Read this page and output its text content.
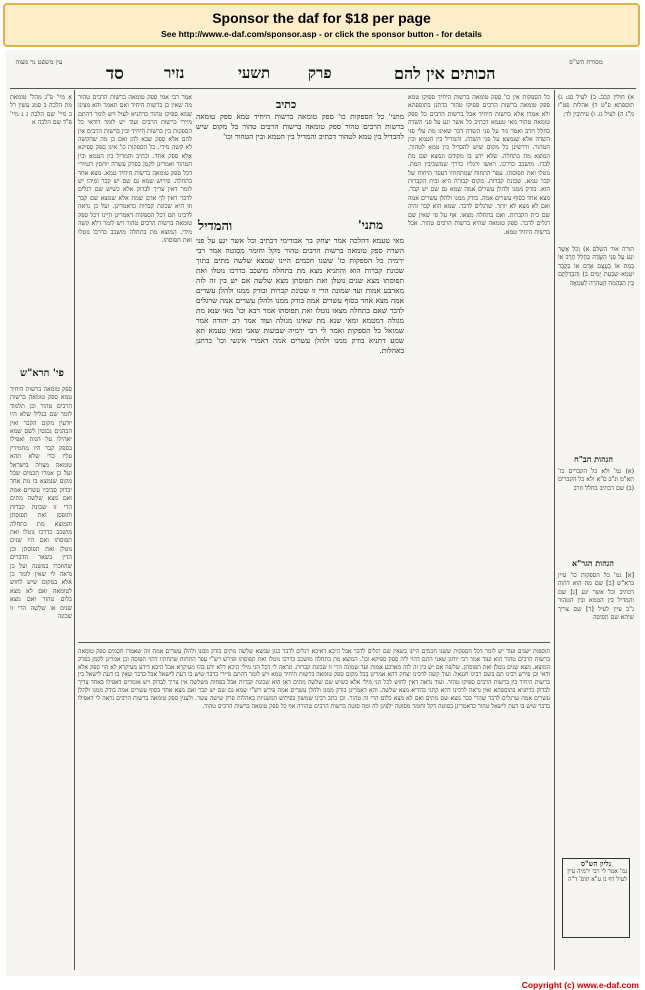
Sponsor the daf for $18 per page
See http://www.e-daf.com/sponsor.asp - or click the sponsor button - for details
עין משפט נר מצוה
סד	נזיר	תשעי	פרק	הכותים אין להם
מסורת הש"ס

א מיי' פ"ג מהל' טומאת מת הלכה ב סמג עשין רל ב מיי' שם הלכה ג ג מיי' פ"ד שם הלכה א

פי' הרא"ש

ספק טומאה ברשות היחיד טמא ספק טומאה ברשות הרבים טהור וכן תלמוד לומר שם בגליל שלא היו יודעין מקום הקבר ואין הכהנים נכנסין לשם שמא יאהילו על המת ואפילו בספק קבר היו מחמירין עליו כדי שלא תהא טומאה מצויה בישראל ועל כן אמרו חכמים שכל מקום שנמצא בו מת אחד יבדוק סביביו עשרים אמה ואם מצא שלשה מתים הרי זו שכונת קברות ותופסן ואת תפוסתן והמוצא מת בתחלה מושכב כדרכו נוטלו ואת תפוסתו ואם היו שנים נוטלן ואת תפוסתן וכן הדין בשאר הדברים שהוזכרו במשנה ועל כן נראה לי שאין לומר כן אלא במקום שיש לחוש לטומאה ואם לא מצא כלום טהור ואם מצא שנים או שלשה הרי זו שכונה

א) חולין קכב. ב) לעיל סג: ג) תוספתא פ"ט ד) אהלות פט"ז מ"ג ה) לעיל נז. ו) עירובין לד:

תורה אור השלם א) וְכֹל אֲשֶׁר יִגַּע עַל פְּנֵי הַשָּׂדֶה בַּחֲלַל חֶרֶב אוֹ בְמֵת אוֹ בְעֶצֶם אָדָם אוֹ בְקָבֶר יִטְמָא שִׁבְעַת יָמִים ב) וְהִבְדַּלְתֶּם בֵּין הַבְּהֵמָה הַטְּהֹרָה לַטְּמֵאָה

הגהות הב"ח

(א) גמ' ולא כל הקברים כו' תא"מ ונ"ב ס"א ולא כל הקברים (ב) שם דכתיב בחלל חרב

הגהות הגר"א

[א] גמ' כל הספקות כו' עיין ברא"ש [ב] שם מה הוא דהוה דכתיב וכל אשר יגע [ג] שם והמדיל בין הטמא ובין הטהור נ"ב עיין לעיל [ד] שם צריך שיהא שם תפיסה

גליון הש"ס

גמ' אמר לי רבי ירמיה עיין לעיל דף נז ע"א תוס' ד"ה

כל הספקות אין כו' ספק טומאה ברשות היחיד ספיקו טמא ספק טומאה ברשות הרבים ספיקו טהור כדתנן בתוספתא ולא אמרו אלא ברשות היחיד אבל ברשות הרבים כל ספק טומאה טהור מאי טעמא דכתיב כל אשר יגע על פני השדה בחלל חרב ואמר מר על פני השדה דבר שאינו מת עלי פני השדה אלא שנמצא על פני השדה. והמדיל בין הטמא ובין הטהור. ודרשינן כל מקום שיש להבדיל בין טמא לטהור. המוצא מת בתחלה. שלא ידע בו מקודם ונמצא שם מת לבדו. מושכב כדרכו. ראשו ורגליו כדרך שמשכיבין המת. נוטלו ואת תפוסתו. עפר התחוח שמתחתיו דעפר תיחוח של קבר טמא. שכונת קברות. מקום קבורה היא ובית הקברות הוא. בודק ממנו ולהלן עשרים אמה שמא גם שם יש קבר. מצא אחד בסוף עשרים אמה. בודק ממנו ולהלן עשרים אמה ואם לא מצא לא יותר. שרגלים לדבר. שמא הוא קבר והיה שם בית הקברות. ואם בתחלה מצאו. אף על פי שאין שם רגלים לדבר. ספק טומאה שהיא ברשות הרבים טהור. אבל ברשות היחיד טמא.

אמר רבי אמי ספק טומאה ברשות הרבים טהור מה שאין כן ברשות היחיד ואם תאמר והא מצינו שמא ספיקו טהור כדתניא לעיל ויש לומר דהתם מיירי ברשות הרבים ועוד יש לומר דודאי כל הספקות בין ברשות היחיד ובין ברשות הרבים אין להם אלא ספק שבא להן ואם כן מה שהקשה לא קשה מידי. כל הספקות כו' אינו ספק ספיקא אלא ספק אחד. וכתיב והמדיל בין הטמא ובין הטהור ואמרינן לקמן בפרק עשרה יוחסין דגמירי דכל ספק טומאה ברשות היחיד טמא. מצא אחד בתחלה. פירוש שמא גם שם יש קבר ומיהו יש לומר דאין צריך לבדוק אלא כשיש שם רגלים לדבר דאין לך אדם שמת אלא שמצא שם קבר וזו היא שכונת קברות כדאמרינן. ועל כן נראה לרבינו תם דכל הספקות דאמרינן היינו דכל ספק טומאה ברשות הרבים טהור ויש לומר דלא קשה מידי. המוצא מת בתחלה מושכב כדרכו נוטלו ואת תפוסתו.

כתיב

מתני' כל הספקות כו' ספק טומאה ברשות היחיד טמא ספק טומאה ברשות הרבים טהור ספק טומאה ברשות הרבים טהור כל מקום שיש להבדיל בין טמא לטהור דכתיב והמדיל בין הטמא ובין הטהור וכו'

והמדיל	מתני'

מאי טעמא דהלכה אמר יצחק בר אבודימי דכתיב וכל אשר יגע על פני השדה ספק טומאה ברשות הרבים טהור מקל וחומר מסוטה אמר רבי ירמיה כל הספקות כו' ששנו חכמים היינו שמצא שלשה מתים בתוך שכונת קברות הוא והתניא מצא מת בתחלה מושכב כדרכו נוטלו ואת תפוסתו מצא שנים נוטלן ואת תפוסתן מצא שלשה אם יש בין זה לזה מארבע אמות ועד שמונה הרי זו שכונת קברות ובודק ממנו ולהלן עשרים אמה מצא אחד בסוף עשרים אמה בודק ממנו ולהלן עשרים אמה שרגלים לדבר שאם בתחלה מצאו נוטלו ואת תפוסתו אמר רבא וכו' מאי שנא מת מגולה דמטמא ומאי שנא מת שאינו מגולה ועוד אמר רב יהודה אמר שמואל כל הספקות ואמר לי רבי ירמיה שבועות שאני ומאי טעמא תא שמע דתניא בודק ממנו ולהלן עשרים אמה דאמרי אינשי וכו' כדתנן באהלות.

תוספות ישנים ועוד יש לומר דכל הספקות ששנו חכמים היינו כשאין שם רגלים לדבר אבל היכא דאיכא רגלים לדבר כגון שמצא שלשה מתים בודק ממנו ולהלן עשרים אמה וזה שאמרו חכמים ספק טומאה ברשות הרבים טהור הוא ועוד אמר רבי יוחנן שאני התם דהוי ליה ספק ספיקא וכו'. המוצא מת בתחלה מושכב כדרכו נוטלו ואת תפוסתו ופירש רש"י עפר התחוח שתחתיו דהוי תפוסה וכן אמרינן לקמן בפרק המוצא. מצא שנים נוטלן ואת תפוסתן. שלשה אם יש בין זה לזה מארבע אמות ועד שמונה הרי זו שכונת קברות. ונראה לי דכל הני מילי היכא דלא ידע בהו מעיקרא אבל היכא דידע מעיקרא לא הוי ספק אלא ודאי וכן פירש רבינו תם בשם רבינו חננאל. ועוד קשה לרבינו יצחק דהא אמרינן בכל מקום ספק טומאה ברשות היחיד טמא ויש לומר דהתם מיירי בדבר שיש בו דעת לישאל אבל בדבר שאין בו דעת לישאל בין ברשות היחיד בין ברשות הרבים ספיקו טהור. ועוד נראה דאין לחוש לכל הני מילי אלא כשיש שם שלשה מתים דאז הוא שכונת קברות אבל בפחות משלשה אין צריך לבדוק ויש אומרים דאפילו באחד צריך לבדוק כדתניא בתוספתא ואין נראה לרבינו דהא קתני בהדיא מצא שלשה. והא דאמרינן בודק ממנו ולהלן עשרים אמה פירש רש"י שמא גם שם יש קבר ואם מצא אחד בסוף עשרים אמה בודק ממנו ולהלן עשרים אמה שרגלים לדבר שהרי כבר מצא שם מתים ואם לא מצא כלום הרי זה טהור. וכן כתב רבינו שמשון בפירוש המשניות באהלות פרק שישה עשר. ולענין ספק טומאה ברשות הרבים נראה לי דאפילו בדבר שיש בו דעת לישאל טהור כדאמרינן בסוטה דקל וחומר מסוטה ילפינן לה ומה סוטה ברשות הרבים טהורה אף כל ספק טומאה ברשות הרבים טהור.

Copyright (c) www.e-daf.com
